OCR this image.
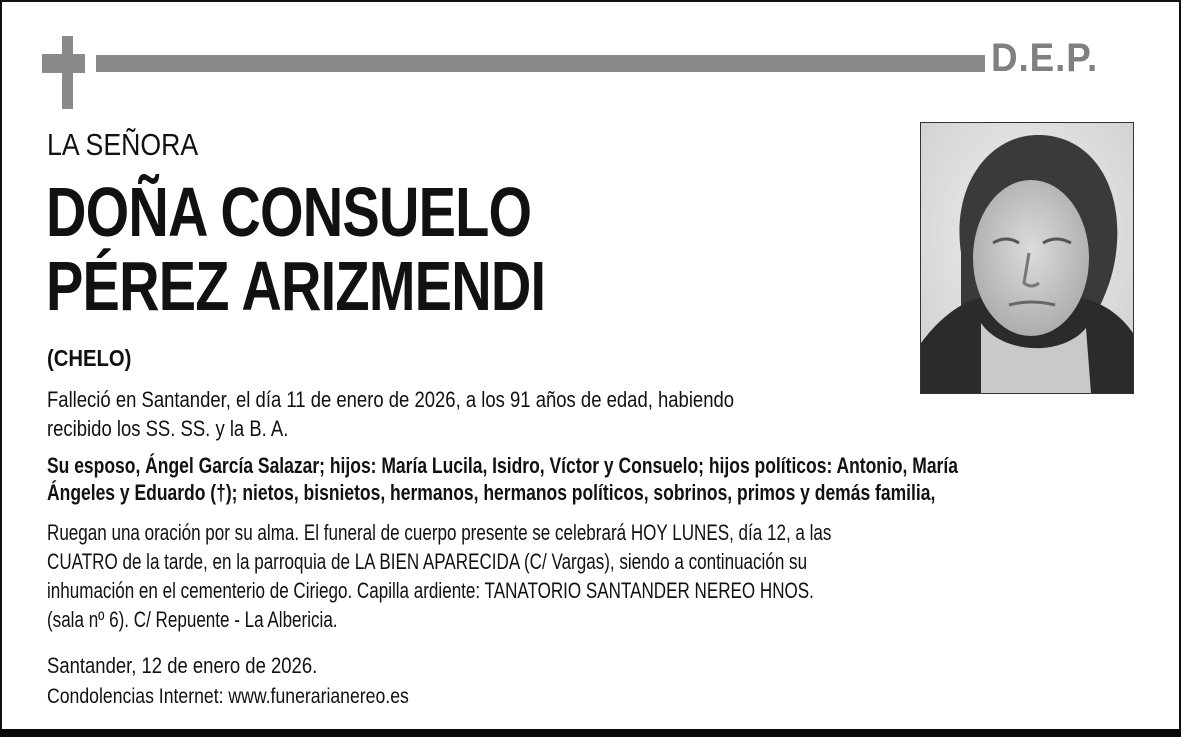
D.E.P.
LA SEÑORA
DOÑA CONSUELO
PÉREZ ARIZMENDI
(CHELO)
Falleció en Santander, el día 11 de enero de 2026, a los 91 años de edad, habiendo
recibido los SS. SS. y la B. A.
Su esposo, Ángel García Salazar; hijos: María Lucila, Isidro, Víctor y Consuelo; hijos políticos: Antonio, María
Ángeles y Eduardo (†); nietos, bisnietos, hermanos, hermanos políticos, sobrinos, primos y demás familia,
Ruegan una oración por su alma. El funeral de cuerpo presente se celebrará HOY LUNES, día 12, a las
CUATRO de la tarde, en la parroquia de LA BIEN APARECIDA (C/ Vargas), siendo a continuación su
inhumación en el cementerio de Ciriego. Capilla ardiente: TANATORIO SANTANDER NEREO HNOS.
(sala nº 6). C/ Repuente - La Albericia.
Santander, 12 de enero de 2026.
Condolencias Internet: www.funerarianereo.es
